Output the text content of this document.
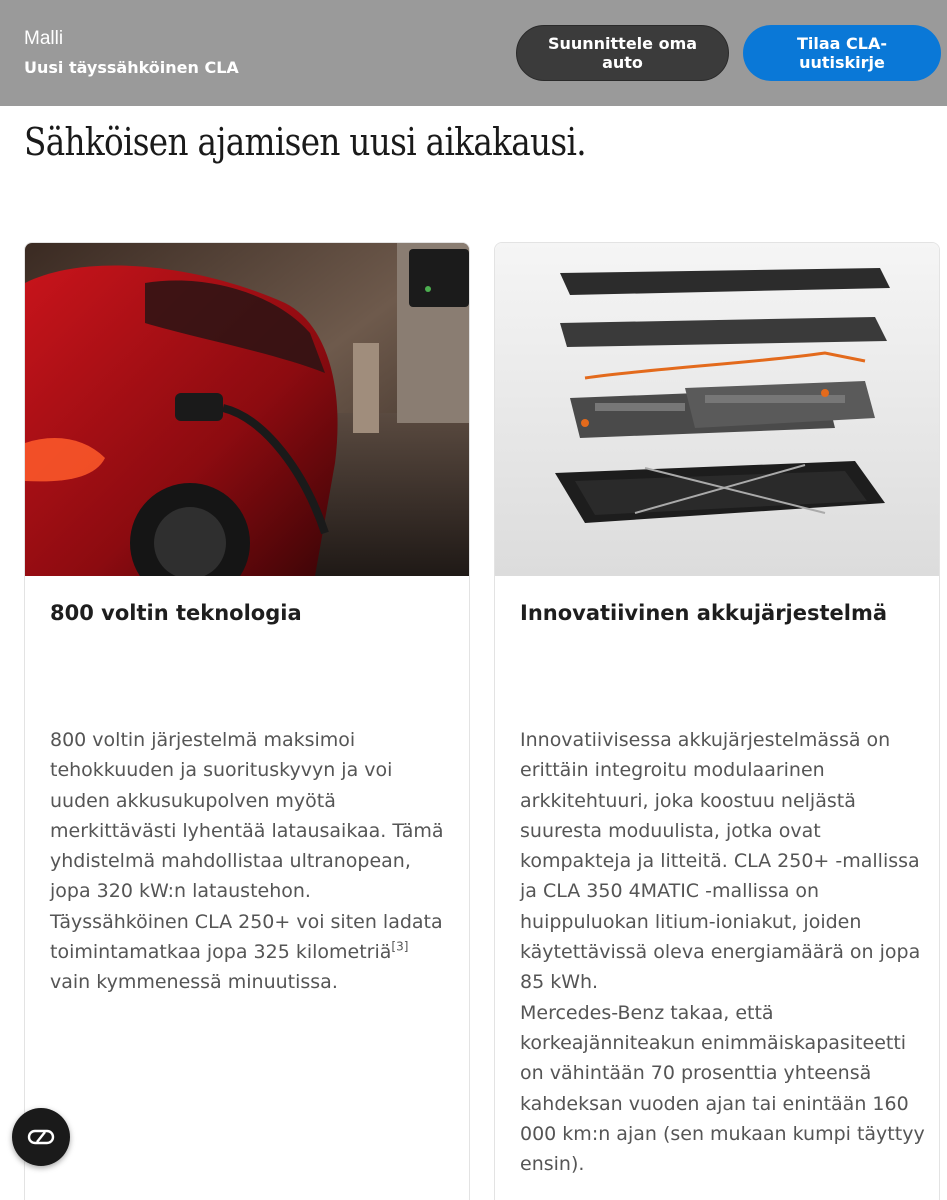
Malli
Uusi täyssähköinen CLA
Suunnittele oma auto
Tilaa CLA-uutiskirje
Sähköisen ajamisen uusi aikakausi.
800 voltin teknologia

800 voltin järjestelmä maksimoi
tehokkuuden ja suorituskyvyn ja voi
uuden akkusukupolven myötä
merkittävästi lyhentää latausaikaa. Tämä
yhdistelmä mahdollistaa ultranopean,
jopa 320 kW:n lataustehon.
Täyssähköinen CLA 250+ voi siten ladata
toimintamatkaa jopa 325 kilometriä[3]
vain kymmenessä minuutissa.

Innovatiivinen akkujärjestelmä

Innovatiivisessa akkujärjestelmässä on
erittäin integroitu modulaarinen
arkkitehtuuri, joka koostuu neljästä
suuresta moduulista, jotka ovat
kompakteja ja litteitä. CLA 250+ -mallissa
ja CLA 350 4MATIC -mallissa on
huippuluokan litium-ioniakut, joiden
käytettävissä oleva energiamäärä on jopa
85 kWh.
Mercedes-Benz takaa, että
korkeajänniteakun enimmäiskapasiteetti
on vähintään 70 prosenttia yhteensä
kahdeksan vuoden ajan tai enintään 160
000 km:n ajan (sen mukaan kumpi täyttyy
ensin).
